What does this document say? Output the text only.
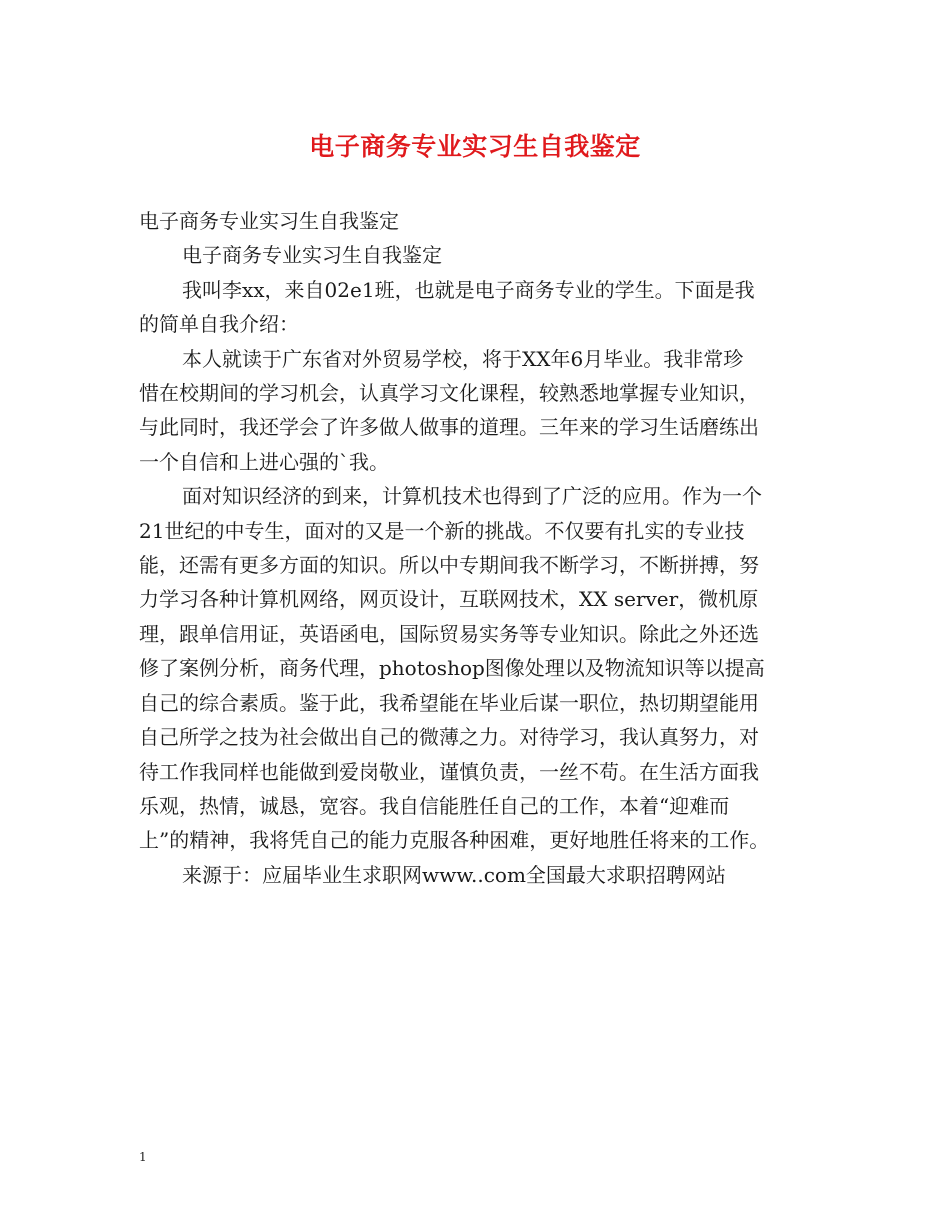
电子商务专业实习生自我鉴定

电子商务专业实习生自我鉴定

电子商务专业实习生自我鉴定

我叫李xx，来自02e1班，也就是电子商务专业的学生。下面是我

的简单自我介绍：

本人就读于广东省对外贸易学校，将于XX年6月毕业。我非常珍

惜在校期间的学习机会，认真学习文化课程，较熟悉地掌握专业知识，

与此同时，我还学会了许多做人做事的道理。三年来的学习生话磨练出

一个自信和上进心强的`我。

面对知识经济的到来，计算机技术也得到了广泛的应用。作为一个

21世纪的中专生，面对的又是一个新的挑战。不仅要有扎实的专业技

能，还需有更多方面的知识。所以中专期间我不断学习，不断拼搏，努

力学习各种计算机网络，网页设计，互联网技术，XX server，微机原

理，跟单信用证，英语函电，国际贸易实务等专业知识。除此之外还选

修了案例分析，商务代理，photoshop图像处理以及物流知识等以提高

自己的综合素质。鉴于此，我希望能在毕业后谋一职位，热切期望能用

自己所学之技为社会做出自己的微薄之力。对待学习，我认真努力，对

待工作我同样也能做到爱岗敬业，谨慎负责，一丝不苟。在生活方面我

乐观，热情，诚恳，宽容。我自信能胜任自己的工作，本着“迎难而

上”的精神，我将凭自己的能力克服各种困难，更好地胜任将来的工作。

来源于：应届毕业生求职网www..com全国最大求职招聘网站

1
